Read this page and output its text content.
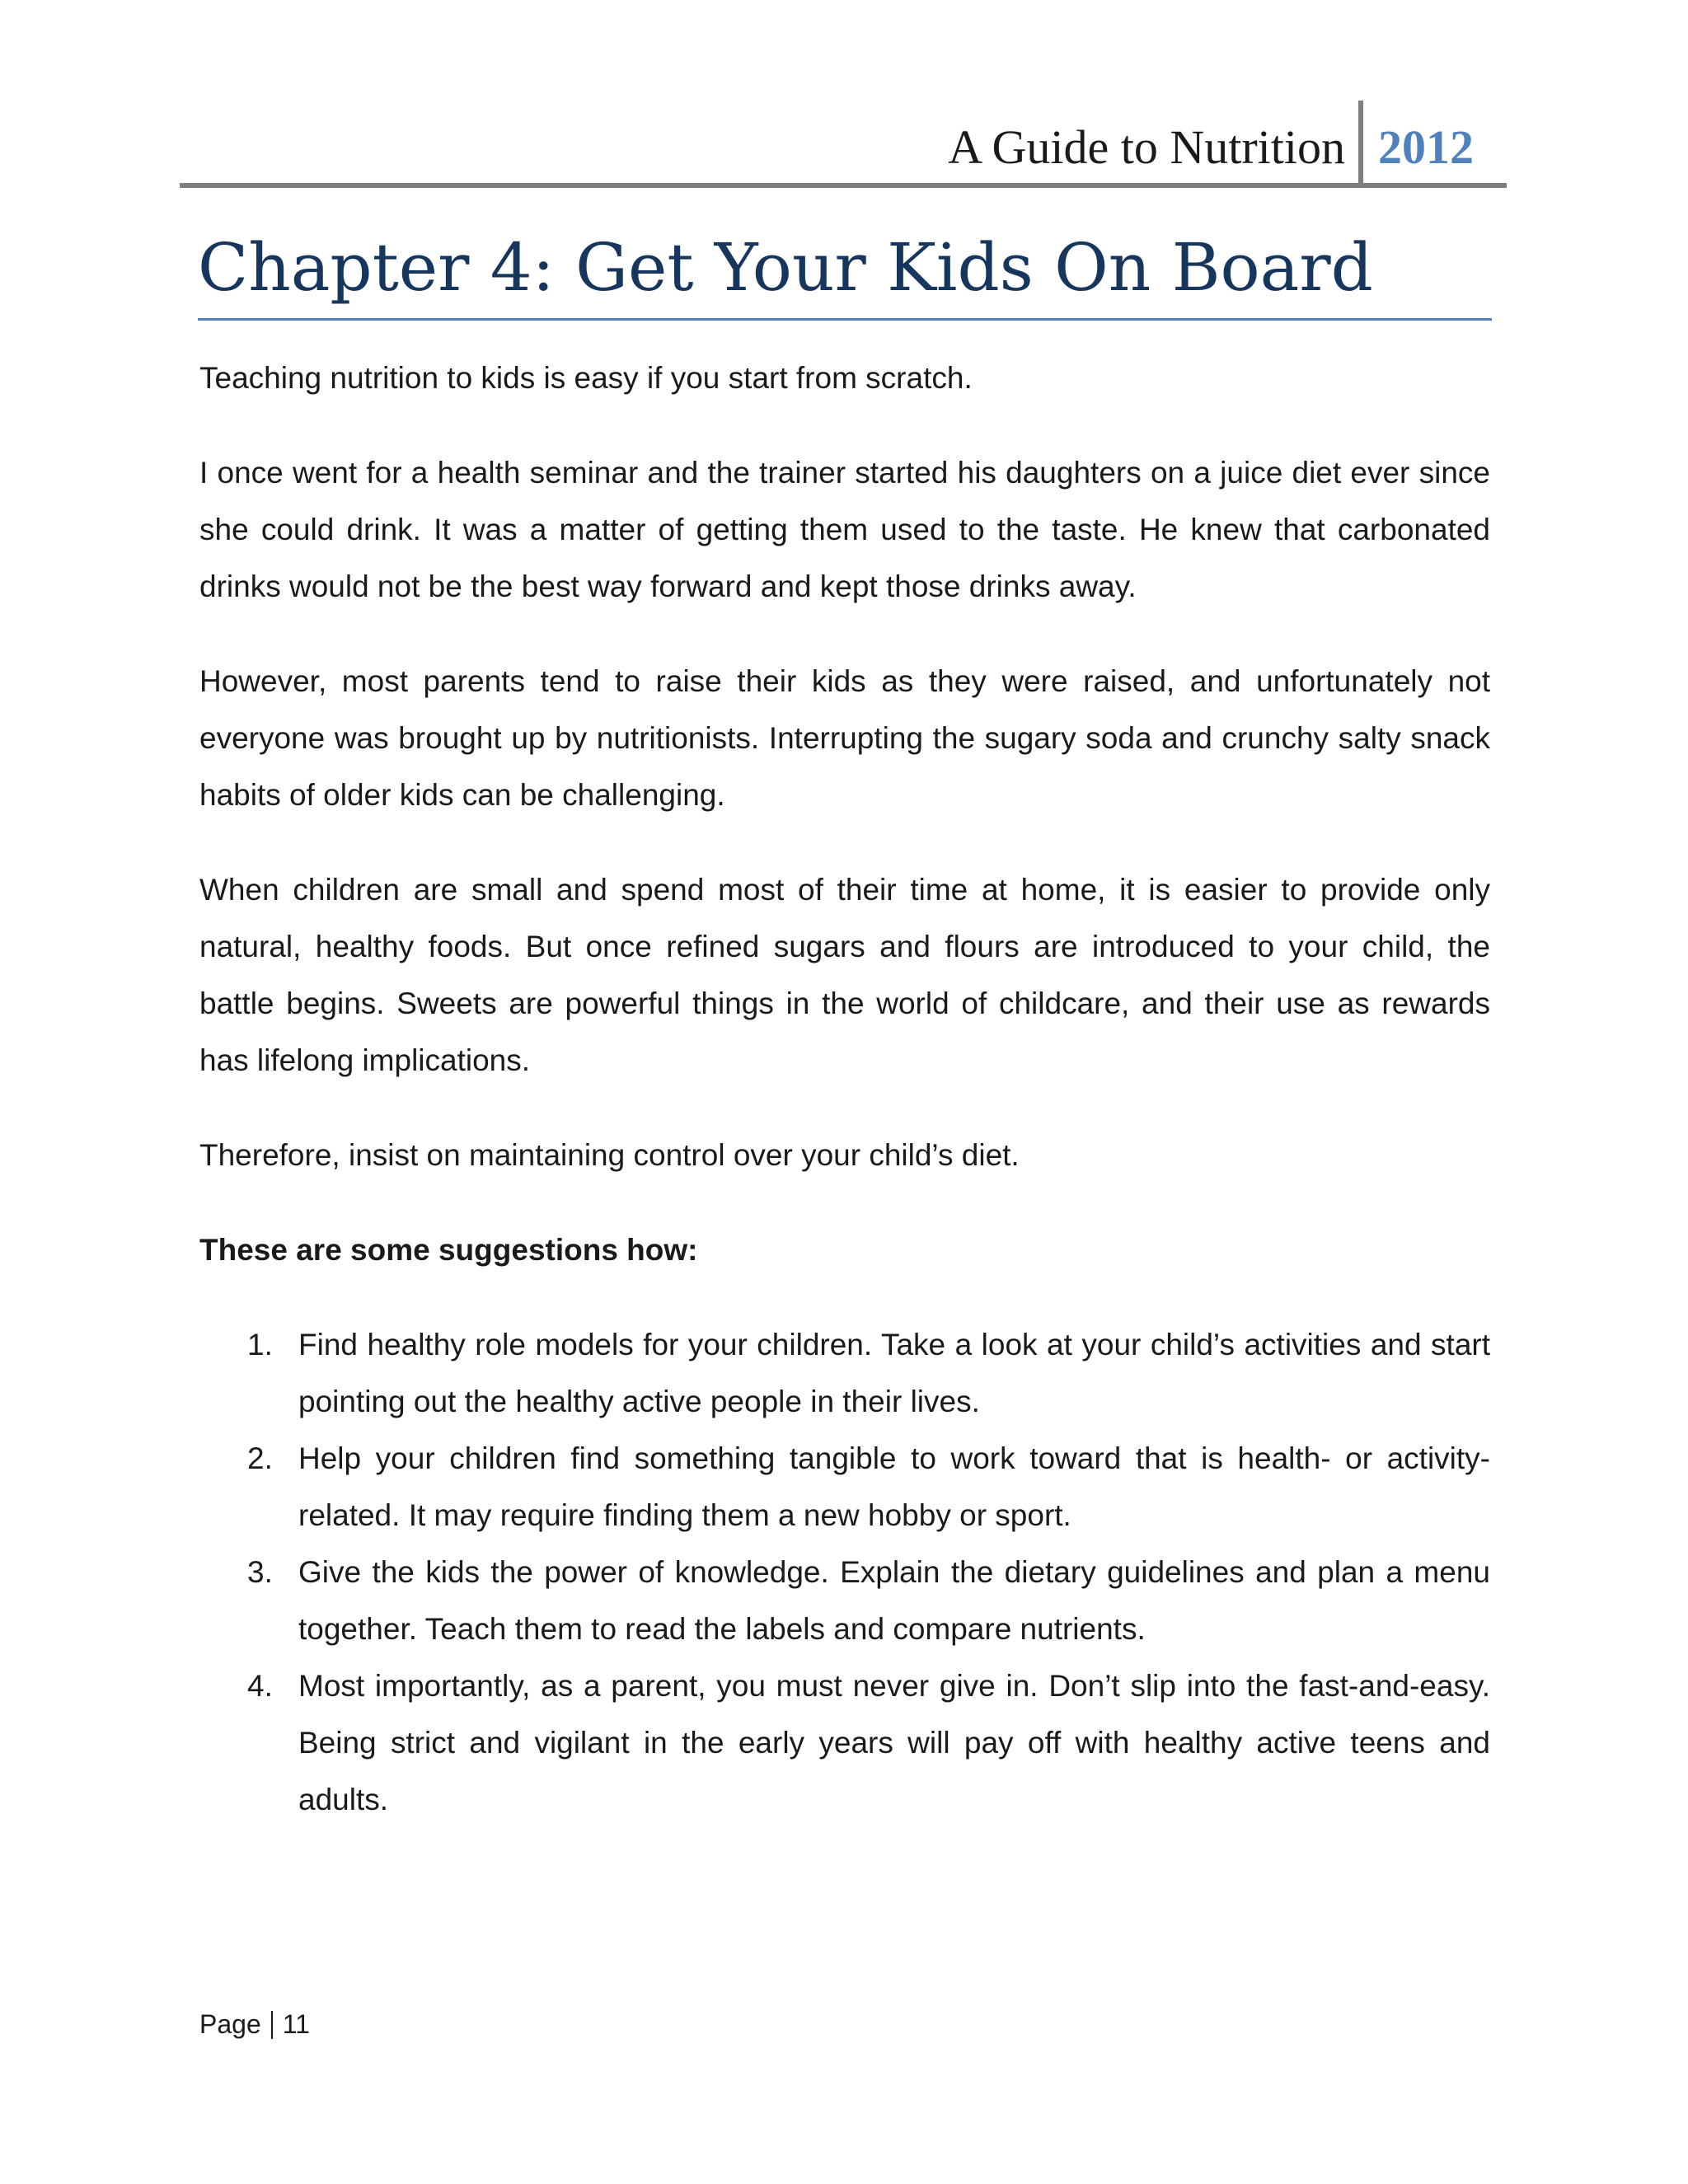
A Guide to Nutrition 2012
Chapter 4: Get Your Kids On Board

Teaching nutrition to kids is easy if you start from scratch.

I once went for a health seminar and the trainer started his daughters on a juice diet ever since she could drink. It was a matter of getting them used to the taste. He knew that carbonated drinks would not be the best way forward and kept those drinks away.

However, most parents tend to raise their kids as they were raised, and unfortunately not everyone was brought up by nutritionists. Interrupting the sugary soda and crunchy salty snack habits of older kids can be challenging.

When children are small and spend most of their time at home, it is easier to provide only natural, healthy foods. But once refined sugars and flours are introduced to your child, the battle begins. Sweets are powerful things in the world of childcare, and their use as rewards has lifelong implications.

Therefore, insist on maintaining control over your child’s diet.

These are some suggestions how:

1. Find healthy role models for your children. Take a look at your child’s activities and start pointing out the healthy active people in their lives.
2. Help your children find something tangible to work toward that is health- or activity-related. It may require finding them a new hobby or sport.
3. Give the kids the power of knowledge. Explain the dietary guidelines and plan a menu together. Teach them to read the labels and compare nutrients.
4. Most importantly, as a parent, you must never give in. Don’t slip into the fast-and-easy. Being strict and vigilant in the early years will pay off with healthy active teens and adults.
Page 11
